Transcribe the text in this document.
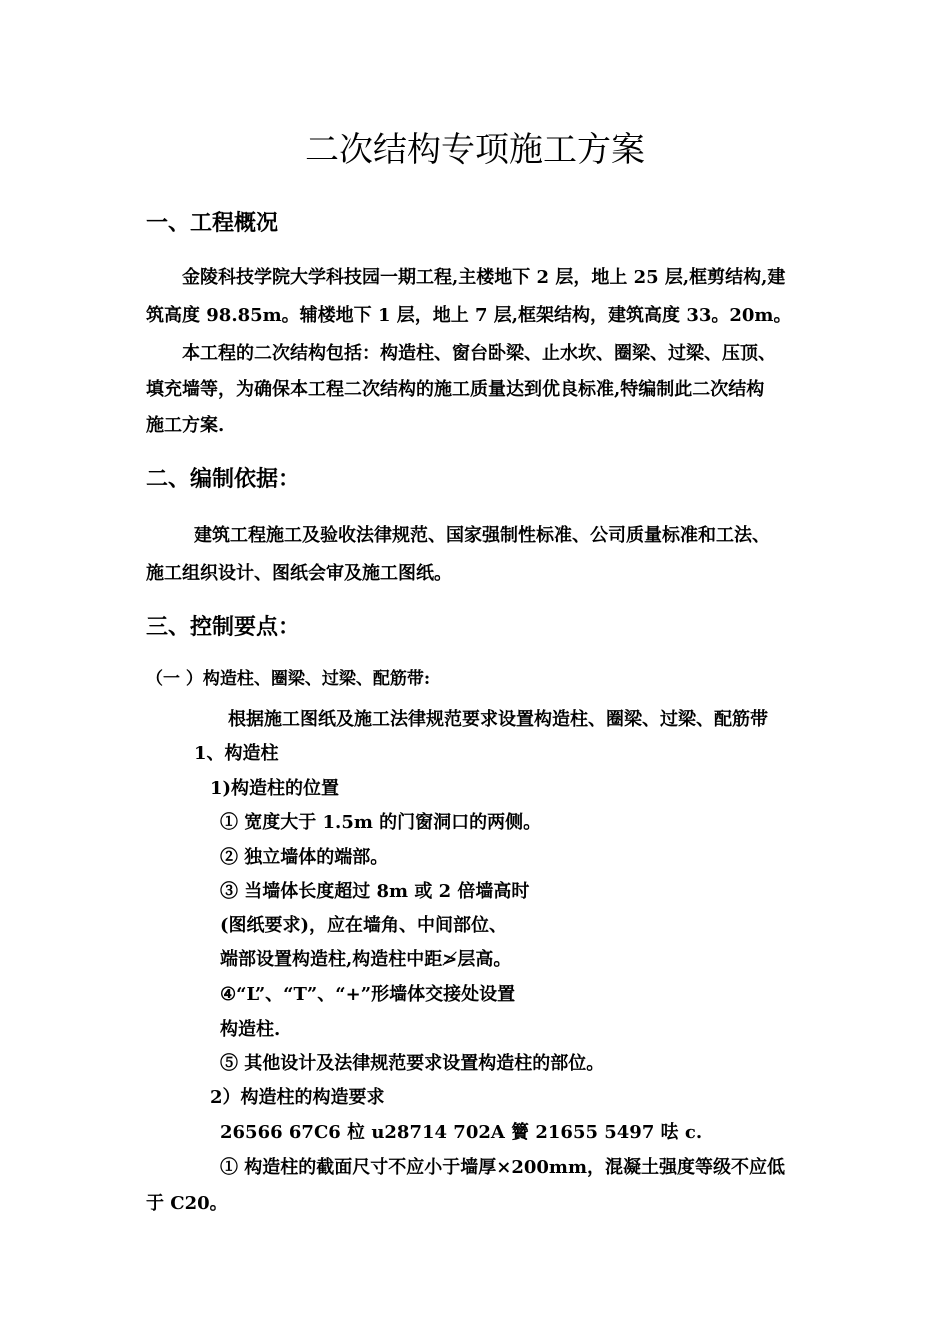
二次结构专项施工方案
一、工程概况

金陵科技学院大学科技园一期工程,主楼地下 2 层，地上 25 层,框剪结构,建

筑高度 98.85m。辅楼地下 1 层，地上 7 层,框架结构，建筑高度 33。20m。

本工程的二次结构包括：构造柱、窗台卧梁、止水坎、圈梁、过梁、压顶、

填充墙等，为确保本工程二次结构的施工质量达到优良标准,特编制此二次结构

施工方案.

二、编制依据：

建筑工程施工及验收法律规范、国家强制性标准、公司质量标准和工法、

施工组织设计、图纸会审及施工图纸。

三、控制要点：

（一 ）构造柱、圈梁、过梁、配筋带:

根据施工图纸及施工法律规范要求设置构造柱、圈梁、过梁、配筋带

1、构造柱

1)构造柱的位置

① 宽度大于 1.5m 的门窗洞口的两侧。

② 独立墙体的端部。

③ 当墙体长度超过 8m 或 2 倍墙高时

(图纸要求)，应在墙角、中间部位、

端部设置构造柱,构造柱中距≯层高。

④“L”、“T”、“+”形墙体交接处设置

构造柱.

⑤ 其他设计及法律规范要求设置构造柱的部位。

2）构造柱的构造要求

26566 67C6 柆 u28714 702A 籫 21655 5497 呿 c.

① 构造柱的截面尺寸不应小于墙厚×200mm，混凝土强度等级不应低

于 C20。
